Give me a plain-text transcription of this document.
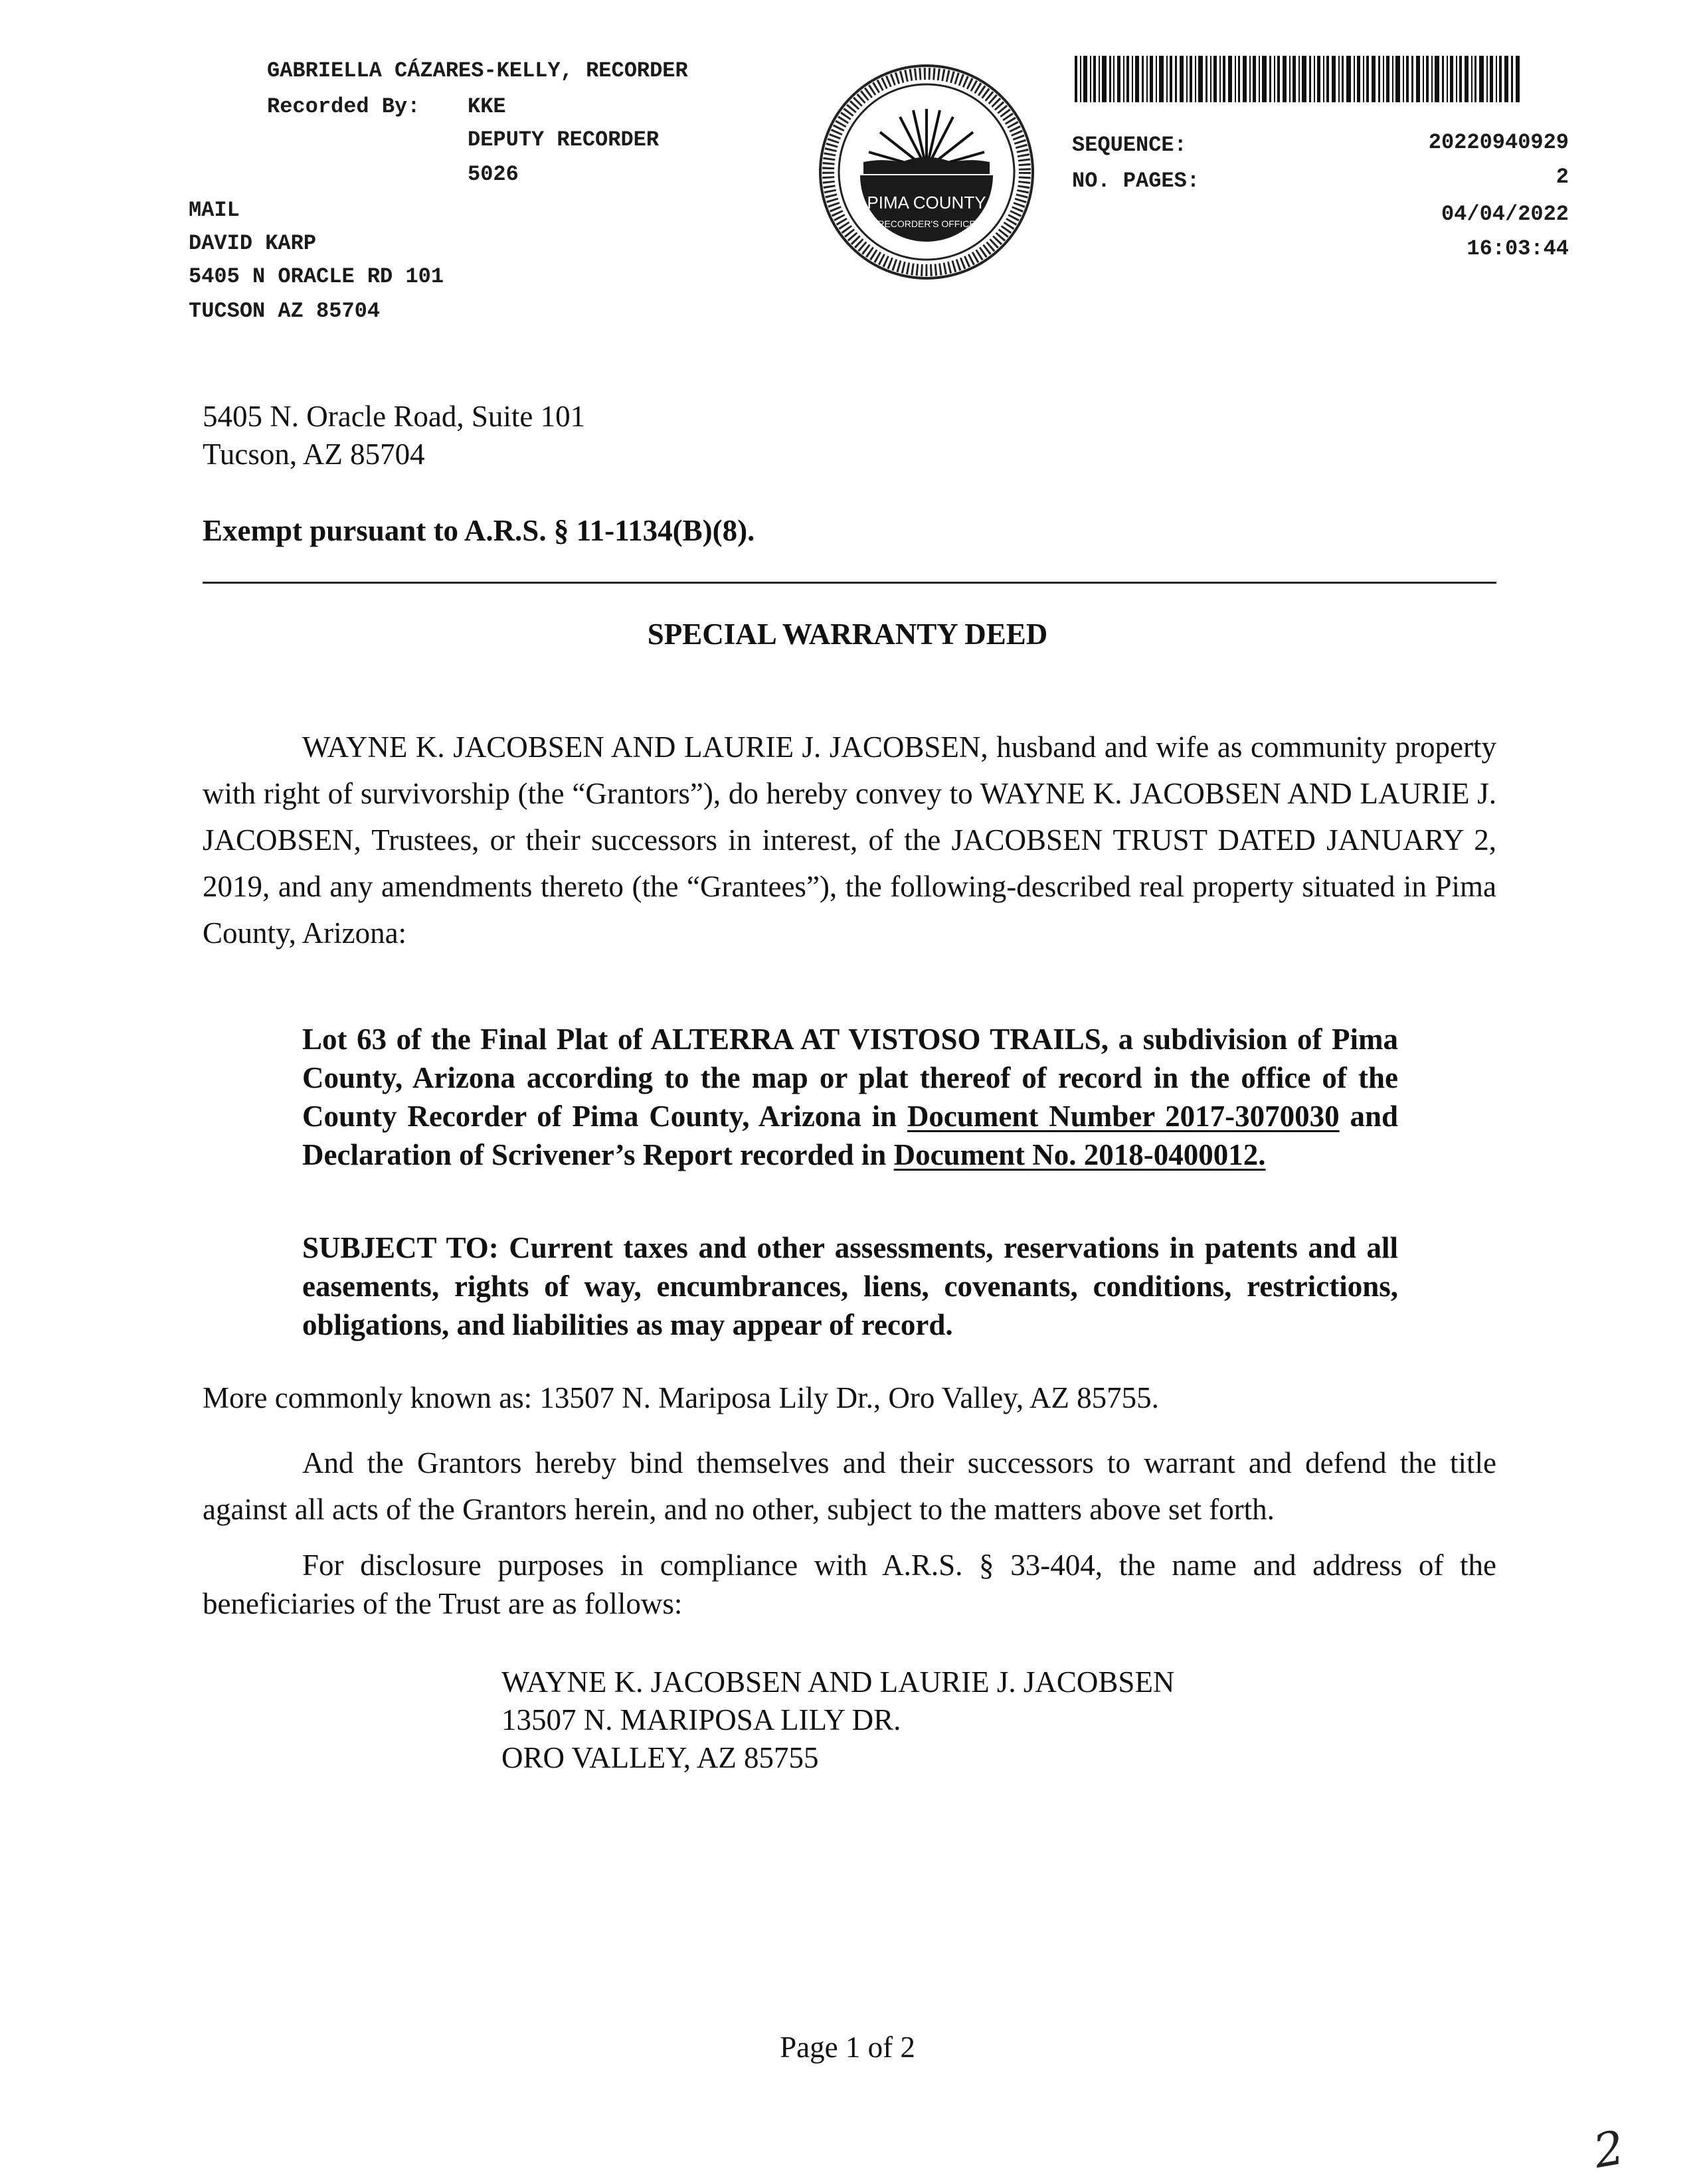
GABRIELLA CÁZARES-KELLY, RECORDER
Recorded By: KKE
DEPUTY RECORDER
5026
MAIL
DAVID KARP
5405 N ORACLE RD 101
TUCSON AZ 85704
PIMA COUNTY
RECORDER'S OFFICE
SEQUENCE:	20220940929
NO. PAGES:	2
04/04/2022
16:03:44
5405 N. Oracle Road, Suite 101
Tucson, AZ 85704
Exempt pursuant to A.R.S. § 11-1134(B)(8).
SPECIAL WARRANTY DEED
WAYNE K. JACOBSEN AND LAURIE J. JACOBSEN, husband and wife as community property with right of survivorship (the “Grantors”), do hereby convey to WAYNE K. JACOBSEN AND LAURIE J. JACOBSEN, Trustees, or their successors in interest, of the JACOBSEN TRUST DATED JANUARY 2, 2019, and any amendments thereto (the “Grantees”), the following-described real property situated in Pima County, Arizona:
Lot 63 of the Final Plat of ALTERRA AT VISTOSO TRAILS, a subdivision of Pima County, Arizona according to the map or plat thereof of record in the office of the County Recorder of Pima County, Arizona in Document Number 2017-3070030 and Declaration of Scrivener’s Report recorded in Document No. 2018-0400012.
SUBJECT TO: Current taxes and other assessments, reservations in patents and all easements, rights of way, encumbrances, liens, covenants, conditions, restrictions, obligations, and liabilities as may appear of record.
More commonly known as: 13507 N. Mariposa Lily Dr., Oro Valley, AZ 85755.
And the Grantors hereby bind themselves and their successors to warrant and defend the title against all acts of the Grantors herein, and no other, subject to the matters above set forth.
For disclosure purposes in compliance with A.R.S. § 33-404, the name and address of the beneficiaries of the Trust are as follows:
WAYNE K. JACOBSEN AND LAURIE J. JACOBSEN
13507 N. MARIPOSA LILY DR.
ORO VALLEY, AZ 85755
Page 1 of 2
2
